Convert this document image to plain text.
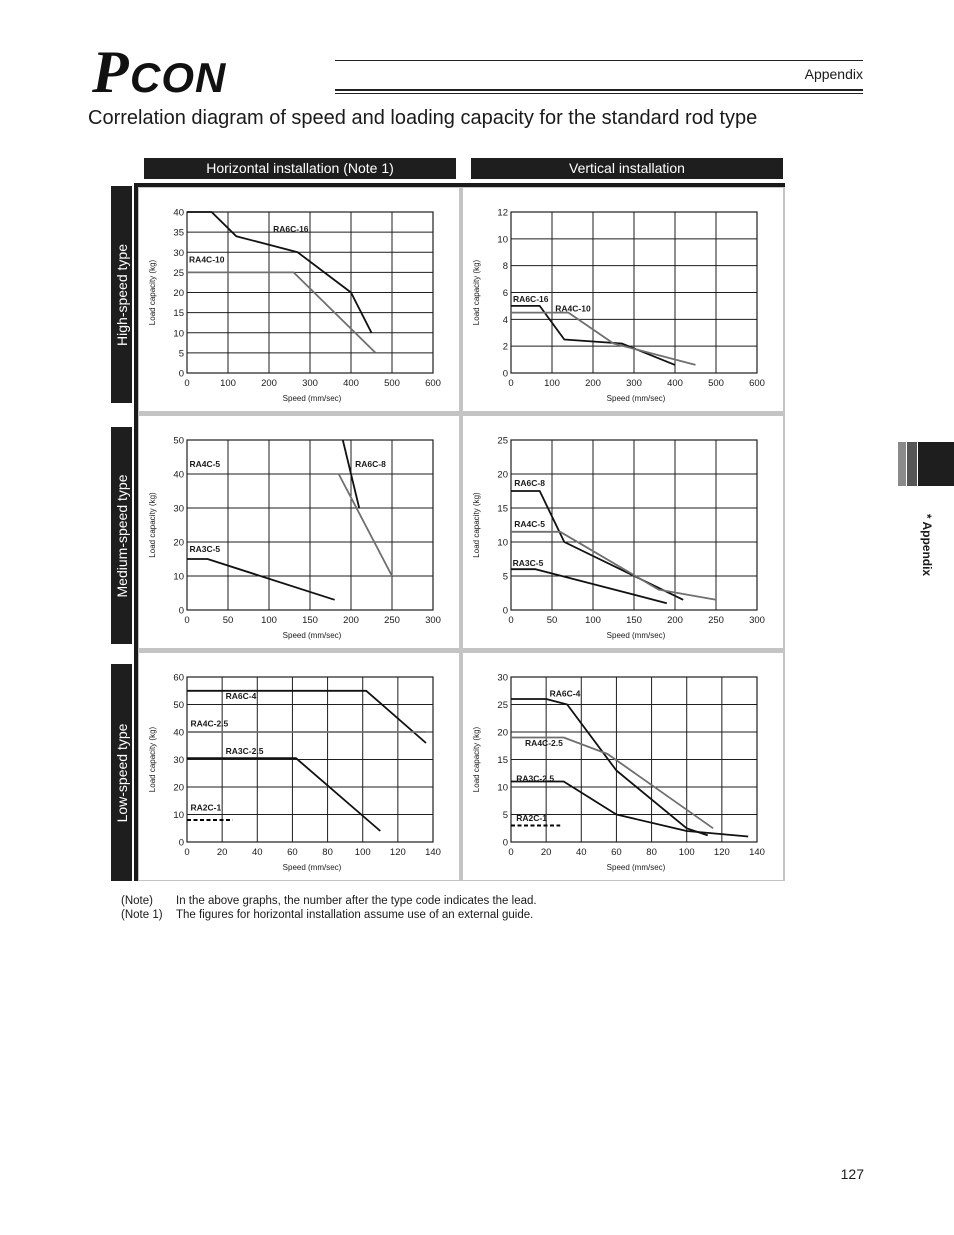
P CON	Appendix
Correlation diagram of speed and loading capacity for the standard rod type
Horizontal installation (Note 1)	Vertical installation
High-speed type
Medium-speed type
Low-speed type
0	100	200	300	400	500	600
0
5
10
15
20
25
30
35
40
Speed (mm/sec)
Load capacity (kg)
RA6C-16
RA4C-10
0	100	200	300	400	500	600
0
2
4
6
8
10
12
Speed (mm/sec)
Load capacity (kg)	RA6C-16
RA4C-10
0	50	100	150	200	250	300
0
10
20
30
40
50
Speed (mm/sec)
Load capacity (kg)
RA6C-8
RA4C-5
RA3C-5
0	50	100	150	200	250	300
0
5
10
15
20
25
Speed (mm/sec)
Load capacity (kg)
RA6C-8
RA4C-5
RA3C-5
0	20	40	60	80 100 120 140
0
10
20
30
40
50
60
Speed (mm/sec)
Load capacity (kg)
RA6C-4
RA4C-2.5
RA3C-2.5
RA2C-1
0	20	40	60	80 100 120 140
0
5
10
15
20
25
30
Speed (mm/sec)
Load capacity (kg)
RA6C-4
RA4C-2.5
RA3C-2.5
RA2C-1
(Note)	In the above graphs, the number after the type code indicates the lead.
(Note 1)	The figures for horizontal installation assume use of an external guide.
* Appendix
127
